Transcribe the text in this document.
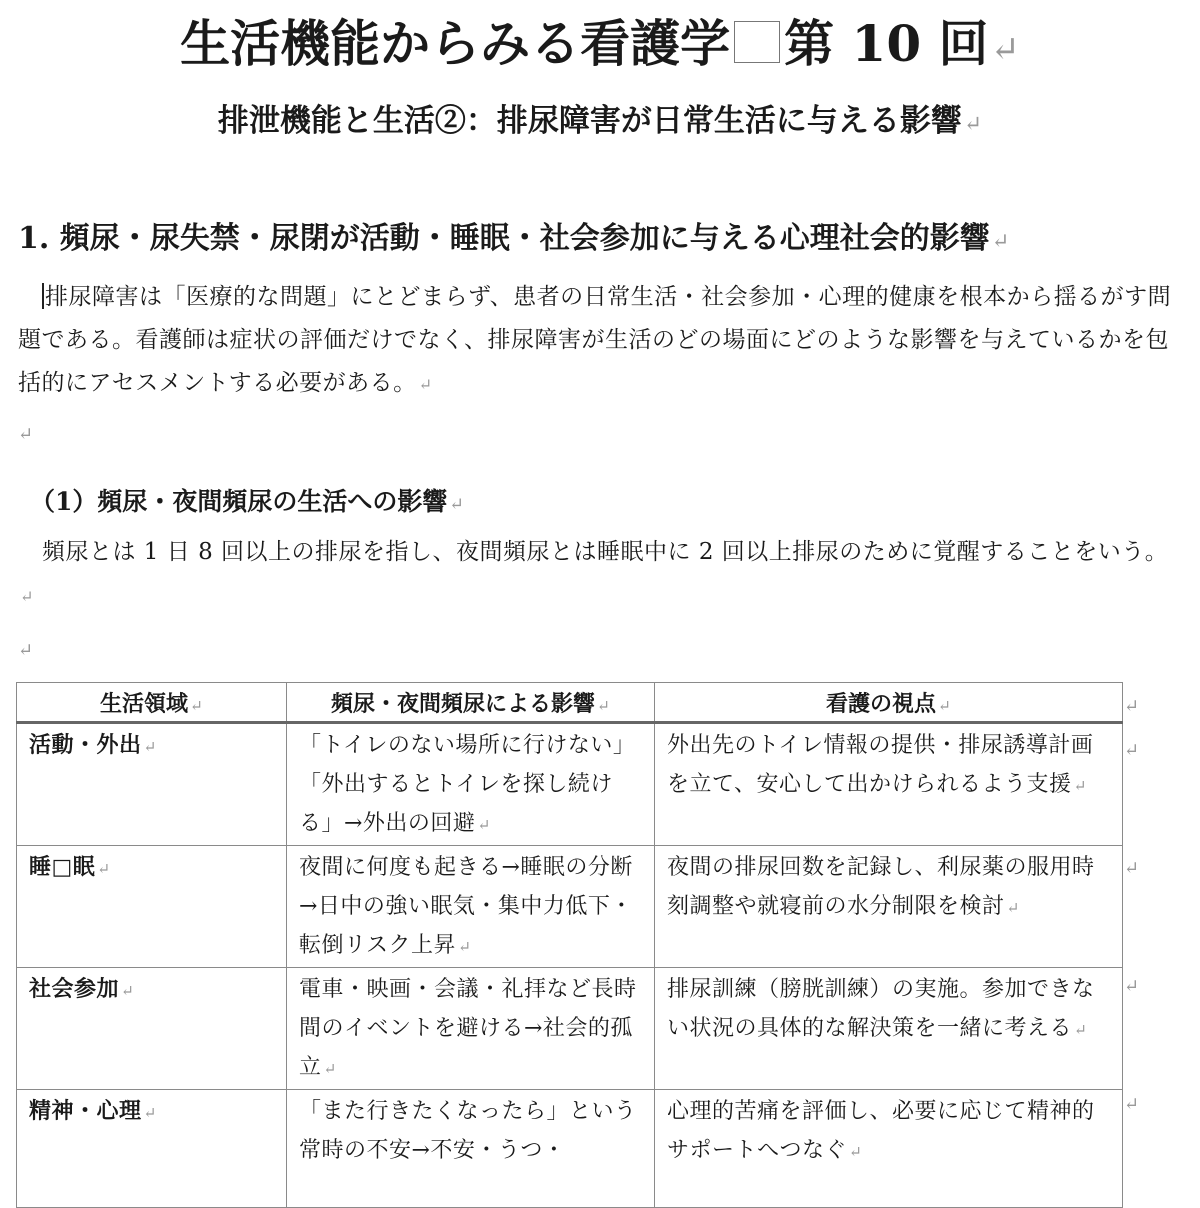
生活機能からみる看護学 第 10 回↵
排泄機能と生活②：排尿障害が日常生活に与える影響↵
1. 頻尿・尿失禁・尿閉が活動・睡眠・社会参加に与える心理社会的影響↵
排尿障害は「医療的な問題」にとどまらず、患者の日常生活・社会参加・心理的健康を根本から揺るがす問題である。看護師は症状の評価だけでなく、排尿障害が生活のどの場面にどのような影響を与えているかを包括的にアセスメントする必要がある。 ↵
↵
（1）頻尿・夜間頻尿の生活への影響 ↵
頻尿とは 1 日 8 回以上の排尿を指し、夜間頻尿とは睡眠中に 2 回以上排尿のために覚醒することをいう。↵
↵
生活領域 ↵	頻尿・夜間頻尿による影響 ↵	看護の視点 ↵
活動・外出 ↵	「トイレのない場所に行けない」「外出するとトイレを探し続ける」→外出の回避 ↵	外出先のトイレ情報の提供・排尿誘導計画を立て、安心して出かけられるよう支援 ↵
睡□眠 ↵	夜間に何度も起きる→睡眠の分断→日中の強い眠気・集中力低下・転倒リスク上昇 ↵	夜間の排尿回数を記録し、利尿薬の服用時刻調整や就寝前の水分制限を検討 ↵
社会参加 ↵	電車・映画・会議・礼拝など長時間のイベントを避ける→社会的孤立 ↵	排尿訓練（膀胱訓練）の実施。参加できない状況の具体的な解決策を一緒に考える ↵
精神・心理 ↵	「また行きたくなったら」という常時の不安→不安・うつ・	心理的苦痛を評価し、必要に応じて精神的サポートへつなぐ ↵
↵
↵
↵
↵
↵
